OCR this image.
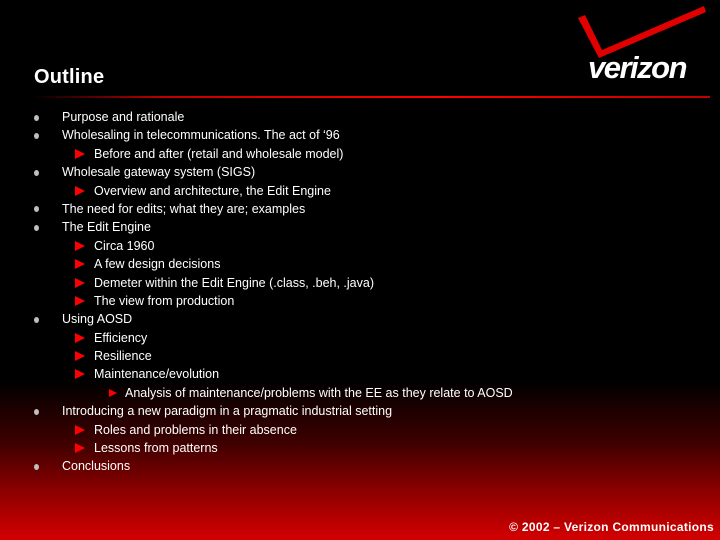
verizon
Outline
Purpose and rationale
Wholesaling in telecommunications. The act of ‘96
Before and after (retail and wholesale model)
Wholesale gateway system (SIGS)
Overview and architecture, the Edit Engine
The need for edits; what they are; examples
The Edit Engine
Circa 1960
A few design decisions
Demeter within the Edit Engine (.class, .beh, .java)
The view from production
Using AOSD
Efficiency
Resilience
Maintenance/evolution
Analysis of maintenance/problems with the EE as they relate to AOSD
Introducing a new paradigm in a pragmatic industrial setting
Roles and problems in their absence
Lessons from patterns
Conclusions
© 2002 – Verizon Communications
